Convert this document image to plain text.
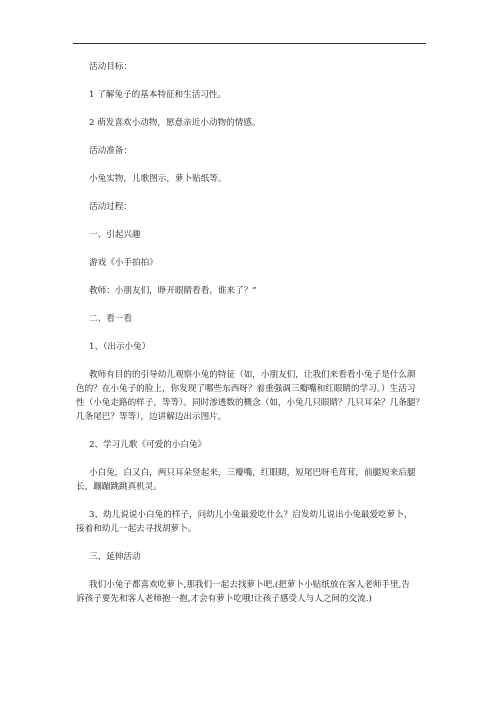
活动目标：

1 了解兔子的基本特征和生活习性。

2 萌发喜欢小动物，愿意亲近小动物的情感。

活动准备：

小兔实物，儿歌图示，萝卜贴纸等。

活动过程：

一、引起兴趣

游戏《小手拍拍》

教师：小朋友们，睁开眼睛看看，谁来了？”

二、看一看

1、（出示小兔）

教师有目的的引导幼儿观察小兔的特征（如，小朋友们，让我们来看看小兔子是什么颜

色的？在小兔子的脸上，你发现了哪些东西呀？着重强调三瓣嘴和红眼睛的学习。）生活习

性（小兔走路的样子，等等）。同时渗透数的概念（如，小兔几只眼睛？几只耳朵？几条腿？

几条尾巴？等等），边讲解边出示图片。

2、学习儿歌《可爱的小白兔》

小白兔，白又白，两只耳朵竖起来，三瓣嘴，红眼睛，短尾巴呀毛茸茸，前腿短来后腿

长，蹦蹦跳跳真机灵。

3、幼儿说说小白兔的样子，问幼儿小兔最爱吃什么？启发幼儿说出小兔最爱吃萝卜，

接着和幼儿一起去寻找胡萝卜。

三、延伸活动

我们小兔子都喜欢吃萝卜,那我们一起去找萝卜吧.(把萝卜小贴纸放在客人老师手里,告

诉孩子要先和客人老师抱一抱,才会有萝卜吃哦!让孩子感受人与人之间的交流.)
